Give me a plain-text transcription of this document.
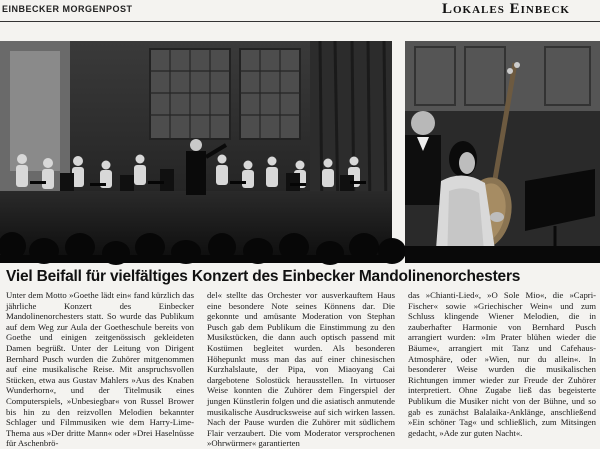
EINBECKER MORGENPOST	Lokales Einbeck
Viel Beifall für vielfältiges Konzert des Einbecker Mandolinenorchesters
Unter dem Motto »Goethe lädt ein« fand kürzlich das jährliche Konzert des Einbecker Mandolinenorchesters statt. So wurde das Publikum auf dem Weg zur Aula der Goetheschule bereits von Goethe und einigen zeitgenössisch gekleideten Damen begrüßt. Unter der Leitung von Dirigent Bernhard Pusch wurden die Zuhörer mitgenommen auf eine musikalische Reise. Mit anspruchsvollen Stücken, etwa aus Gustav Mahlers »Aus des Knaben Wunderhorn«, und der Titelmusik eines Computerspiels, »Unbesiegbar« von Russel Brower bis hin zu den reizvollen Melodien bekannter Schlager und Filmmusiken wie dem Harry-Lime-Thema aus »Der dritte Mann« oder »Drei Haselnüsse für Aschenbrö-
del« stellte das Orchester vor ausverkauftem Haus eine besondere Note seines Könnens dar. Die gekonnte und amüsante Moderation von Stephan Pusch gab dem Publikum die Einstimmung zu den Musikstücken, die dann auch optisch passend mit Kostümen begleitet wurden. Als besonderen Höhepunkt muss man das auf einer chinesischen Kurzhalslaute, der Pipa, von Miaoyang Cai dargebotene Solostück herausstellen. In virtuoser Weise konnten die Zuhörer dem Fingerspiel der jungen Künstlerin folgen und die asiatisch anmutende musikalische Ausdrucksweise auf sich wirken lassen. Nach der Pause wurden die Zuhörer mit südlichem Flair verzaubert. Die vom Moderator versprochenen »Ohrwürmer« garantierten
das »Chianti-Lied«, »O Sole Mio«, die »Capri-Fischer« sowie »Griechischer Wein« und zum Schluss klingende Wiener Melodien, die in zauberhafter Harmonie von Bernhard Pusch arrangiert wurden: »Im Prater blühen wieder die Bäume«, arrangiert mit Tanz und Cafehaus-Atmosphäre, oder »Wien, nur du allein«. In besonderer Weise wurden die musikalischen Richtungen immer wieder zur Freude der Zuhörer interpretiert. Ohne Zugabe ließ das begeisterte Publikum die Musiker nicht von der Bühne, und so gab es zunächst Balalaika-Anklänge, anschließend »Ein schöner Tag« und schließlich, zum Mitsingen gedacht, »Ade zur guten Nacht«.
